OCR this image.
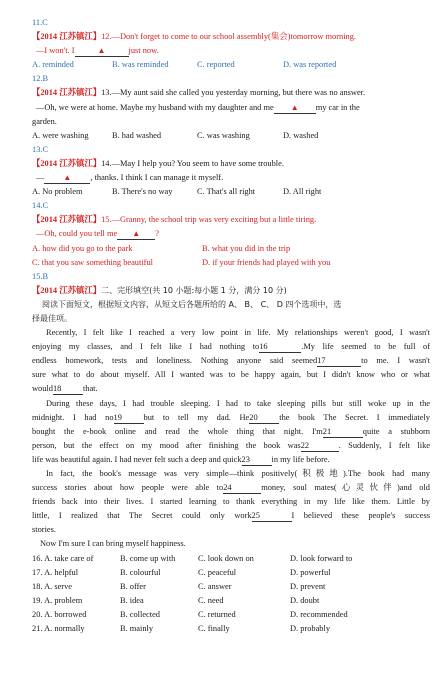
11.C
【2014 江苏镇江】12.—Don't forget to come to our school assembly(集会)tomorrow morning.
—I won't. I	▲	just now.
A. reminded	B. was reminded	C. reported	D. was reported
12.B
【2014 江苏镇江】13.—My aunt said she called you yesterday morning, but there was no answer.
—Oh, we were at home. Maybe my husband with my daughter and me ▲ my car in the
garden.
A. were washing	B. had washed	C. was washing	D. washed
13.C
【2014 江苏镇江】14.—May I help you? You seem to have some trouble.
— ▲ , thanks. I think I can manage it myself.
A. No problem	B. There's no way	C. That's all right	D. All right
14.C
【2014 江苏镇江】15.—Granny, the school trip was very exciting but a little tiring.
—Oh, could you tell me ▲ ?
A. how did you go to the park	B. what you did in the trip
C. that you saw something beautiful	D. if your friends had played with you
15.B
【2014 江苏镇江】二、完形填空(共 10 小题:每小题 1 分，满分 10 分)
阅读下面短文，根据短文内容，从短文后各题所给的 A、 B、 C、 D 四个选项中，选
择最佳项。
Recently, I felt like I reached a very low point in life. My relationships weren't good, I wasn't
enjoying my classes, and I felt like I had nothing to16	.My life seemed to be full of
endless homework, tests and loneliness. Nothing anyone said seemed17	to me. I wasn't
sure what to do about myself. All I wanted was to be happy again, but I didn't know who or what
would18	that.
During these days, I had trouble sleeping. I had to take sleeping pills but still woke up in the
midnight. I had no19	but to tell my dad. He20	the book The Secret. I immediately
bought the e-book online and read the whole thing that night. I'm21	quite a stubborn
person, but the effect on my mood after finishing the book was22	. Suddenly, I felt like
life was beautiful again. I had never felt such a deep and quick23	in my life before.
In fact, the book's message was very simple—think positively(积极地).The book had many
success stories about how people were able to24	money, soul mates(心灵伙伴)and old
friends back into their lives. I started learning to thank everything in my life like them. Little by
little, I realized that The Secret could only work25	I believed these people's success
stories.
Now I'm sure I can bring myself happiness.
16. A. take care of	B. come up with	C. look down on	D. look forward to
17. A. helpful	B. colourful	C. peaceful	D. powerful
18. A. serve	B. offer	C. answer	D. prevent
19. A. problem	B. idea	C. need	D. doubt
20. A. borrowed	B. collected	C. returned	D. recommended
21. A. normally	B. mainly	C. finally	D. probably
